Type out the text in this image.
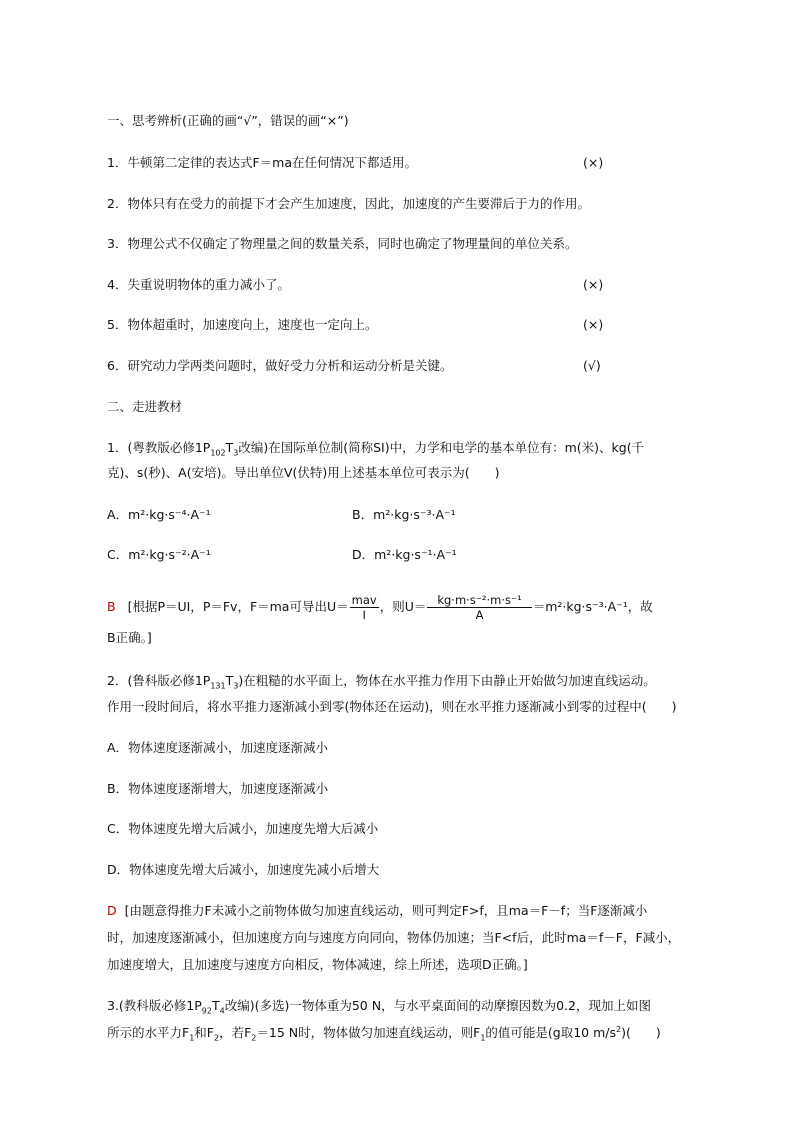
一、思考辨析(正确的画“√”，错误的画“×”)
1．牛顿第二定律的表达式F＝ma在任何情况下都适用。	(×)
2．物体只有在受力的前提下才会产生加速度，因此，加速度的产生要滞后于力的作用。
3．物理公式不仅确定了物理量之间的数量关系，同时也确定了物理量间的单位关系。
4．失重说明物体的重力减小了。	(×)
5．物体超重时，加速度向上，速度也一定向上。	(×)
6．研究动力学两类问题时，做好受力分析和运动分析是关键。	(√)
二、走进教材
1．(粤教版必修$1P_{102}T_3$改编)在国际单位制(简称SI)中，力学和电学的基本单位有：m(米)、kg(千
克)、s(秒)、A(安培)。导出单位V(伏特)用上述基本单位可表示为(　　)
A．m²·kg·s⁻⁴·A⁻¹	B．m²·kg·s⁻³·A⁻¹
C．m²·kg·s⁻²·A⁻¹	D．m²·kg·s⁻¹·A⁻¹
B [根据P＝UI，P＝Fv，F＝ma可导出$U= \frac{\text{mav}}{I}$ ，则$U= \frac{\text{kg·m·s⁻²·m·s⁻¹}}{A} =m^2\cdot kg\cdot s^{-3}\cdot A^{-1}$，故
B正确。]
2．(鲁科版必修$1P_{131}T_3$)在粗糙的水平面上，物体在水平推力作用下由静止开始做匀加速直线运动。
作用一段时间后，将水平推力逐渐减小到零(物体还在运动)，则在水平推力逐渐减小到零的过程中(　　)
A．物体速度逐渐减小，加速度逐渐减小
B．物体速度逐渐增大，加速度逐渐减小
C．物体速度先增大后减小，加速度先增大后减小
D．物体速度先增大后减小，加速度先减小后增大
D [由题意得推力F未减小之前物体做匀加速直线运动，则可判定F>f，且ma＝F－f；当F逐渐减小
时，加速度逐渐减小，但加速度方向与速度方向同向，物体仍加速；当F<f后，此时ma＝f－F，F减小，
加速度增大，且加速度与速度方向相反，物体减速，综上所述，选项D正确。]
3.(教科版必修$1P_{92}T_4$改编)(多选)一物体重为50 N，与水平桌面间的动摩擦因数为0.2，现加上如图
所示的水平力$F_1$和$F_2$，若$F_2=15$ N时，物体做匀加速直线运动，则$F_1$的值可能是(g取10 $m/s^2$)(　　)
